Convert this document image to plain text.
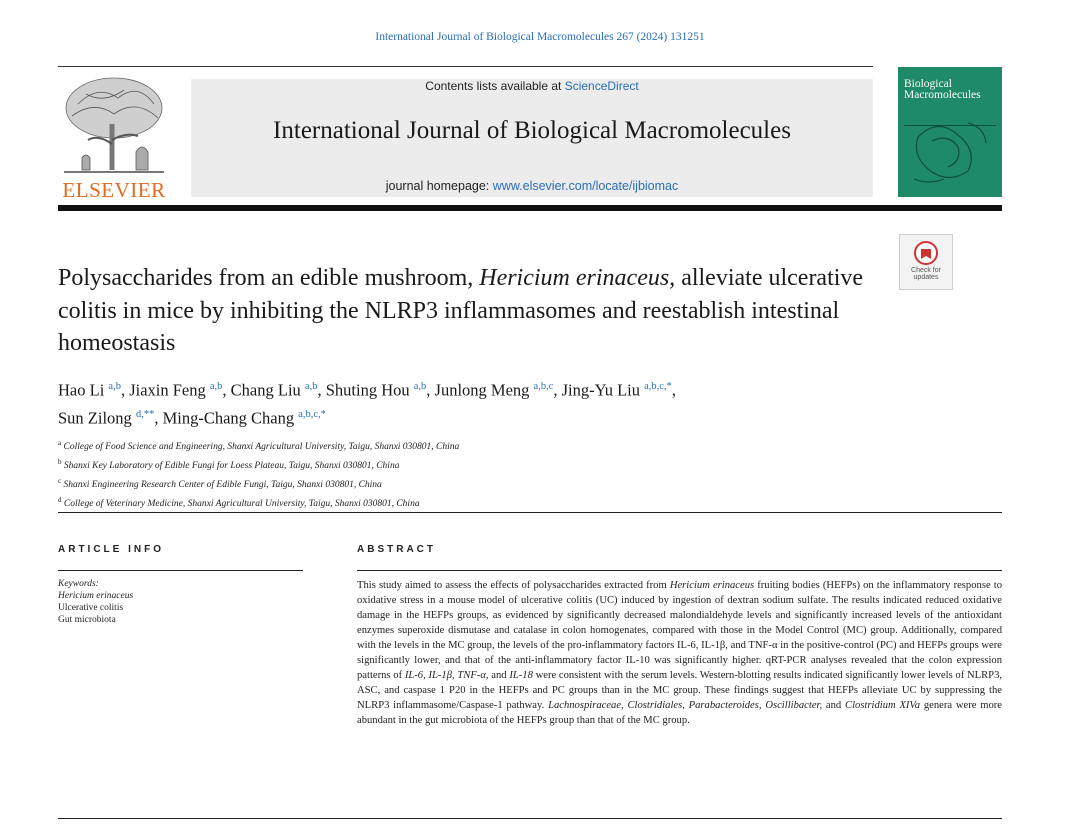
International Journal of Biological Macromolecules 267 (2024) 131251
ELSEVIER
Contents lists available at ScienceDirect
International Journal of Biological Macromolecules
journal homepage: www.elsevier.com/locate/ijbiomac
Biological
Macromolecules
Check for
updates
Polysaccharides from an edible mushroom, Hericium erinaceus, alleviate ulcerative colitis in mice by inhibiting the NLRP3 inflammasomes and reestablish intestinal homeostasis
Hao Li $^{a,b}$, Jiaxin Feng $^{a,b}$, Chang Liu $^{a,b}$, Shuting Hou $^{a,b}$, Junlong Meng $^{a,b,c}$, Jing-Yu Liu $^{a,b,c,*}$,
Sun Zilong $^{d,**}$, Ming-Chang Chang $^{a,b,c,*}$
$^a$ College of Food Science and Engineering, Shanxi Agricultural University, Taigu, Shanxi 030801, China
$^b$ Shanxi Key Laboratory of Edible Fungi for Loess Plateau, Taigu, Shanxi 030801, China
$^c$ Shanxi Engineering Research Center of Edible Fungi, Taigu, Shanxi 030801, China
$^d$ College of Veterinary Medicine, Shanxi Agricultural University, Taigu, Shanxi 030801, China
ARTICLE INFO	ABSTRACT
Keywords:
Hericium erinaceus
Ulcerative colitis
Gut microbiota
This study aimed to assess the effects of polysaccharides extracted from Hericium erinaceus fruiting bodies (HEFPs) on the inflammatory response to oxidative stress in a mouse model of ulcerative colitis (UC) induced by ingestion of dextran sodium sulfate. The results indicated reduced oxidative damage in the HEFPs groups, as evidenced by significantly decreased malondialdehyde levels and significantly increased levels of the antioxidant enzymes superoxide dismutase and catalase in colon homogenates, compared with those in the Model Control (MC) group. Additionally, compared with the levels in the MC group, the levels of the pro-inflammatory factors IL-6, IL-1β, and TNF-α in the positive-control (PC) and HEFPs groups were significantly lower, and that of the anti-inflammatory factor IL-10 was significantly higher. qRT-PCR analyses revealed that the colon expression patterns of IL-6, IL-1β, TNF-α, and IL-18 were consistent with the serum levels. Western-blotting results indicated significantly lower levels of NLRP3, ASC, and caspase 1 P20 in the HEFPs and PC groups than in the MC group. These findings suggest that HEFPs alleviate UC by suppressing the NLRP3 inflammasome/Caspase-1 pathway. Lachnospiraceae, Clostridiales, Parabacteroides, Oscillibacter, and Clostridium XIVa genera were more abundant in the gut microbiota of the HEFPs group than that of the MC group.
